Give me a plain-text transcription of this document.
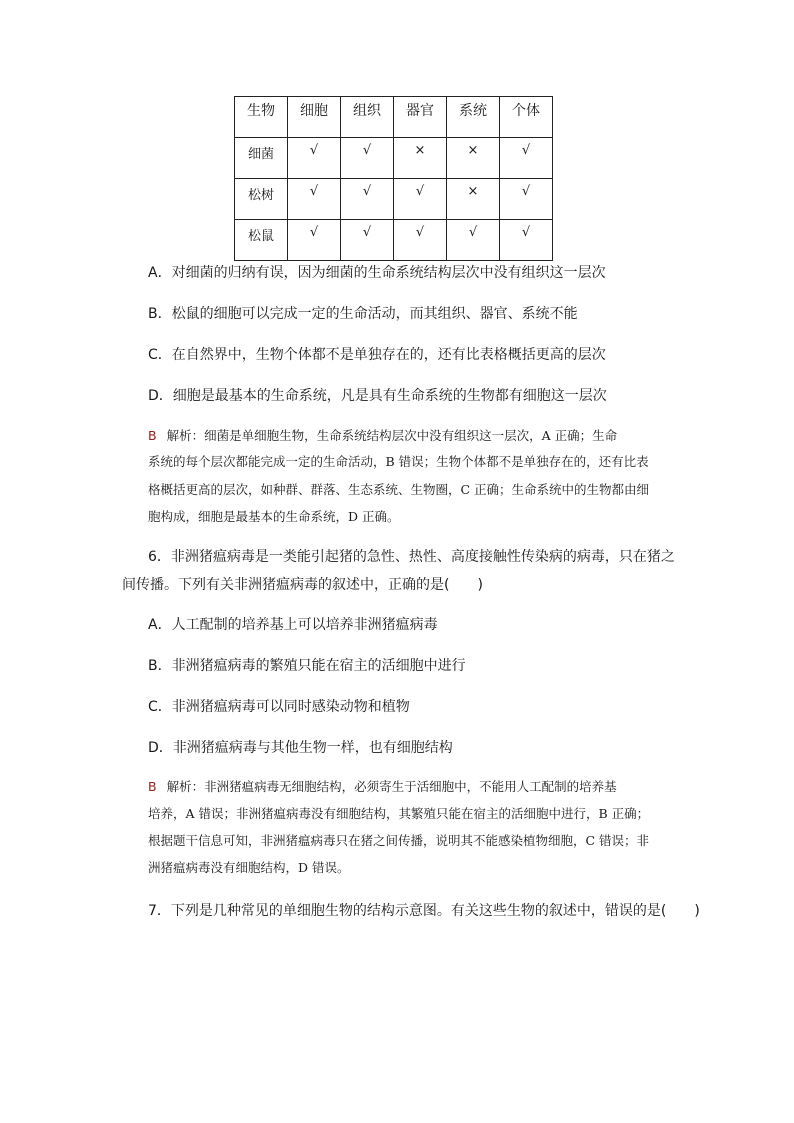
生物	细胞	组织	器官	系统	个体
细菌	√	√	×	×	√
松树	√	√	√	×	√
松鼠	√	√	√	√	√
A．对细菌的归纳有误，因为细菌的生命系统结构层次中没有组织这一层次
B．松鼠的细胞可以完成一定的生命活动，而其组织、器官、系统不能
C．在自然界中，生物个体都不是单独存在的，还有比表格概括更高的层次
D．细胞是最基本的生命系统，凡是具有生命系统的生物都有细胞这一层次
B 解析：细菌是单细胞生物，生命系统结构层次中没有组织这一层次，A 正确；生命
系统的每个层次都能完成一定的生命活动，B 错误；生物个体都不是单独存在的，还有比表
格概括更高的层次，如种群、群落、生态系统、生物圈，C 正确；生命系统中的生物都由细
胞构成，细胞是最基本的生命系统，D 正确。
6．非洲猪瘟病毒是一类能引起猪的急性、热性、高度接触性传染病的病毒，只在猪之
间传播。下列有关非洲猪瘟病毒的叙述中，正确的是(　　)
A．人工配制的培养基上可以培养非洲猪瘟病毒
B．非洲猪瘟病毒的繁殖只能在宿主的活细胞中进行
C．非洲猪瘟病毒可以同时感染动物和植物
D．非洲猪瘟病毒与其他生物一样，也有细胞结构
B 解析：非洲猪瘟病毒无细胞结构，必须寄生于活细胞中，不能用人工配制的培养基
培养，A 错误；非洲猪瘟病毒没有细胞结构，其繁殖只能在宿主的活细胞中进行，B 正确；
根据题干信息可知，非洲猪瘟病毒只在猪之间传播，说明其不能感染植物细胞，C 错误；非
洲猪瘟病毒没有细胞结构，D 错误。
7．下列是几种常见的单细胞生物的结构示意图。有关这些生物的叙述中，错误的是(　　)
